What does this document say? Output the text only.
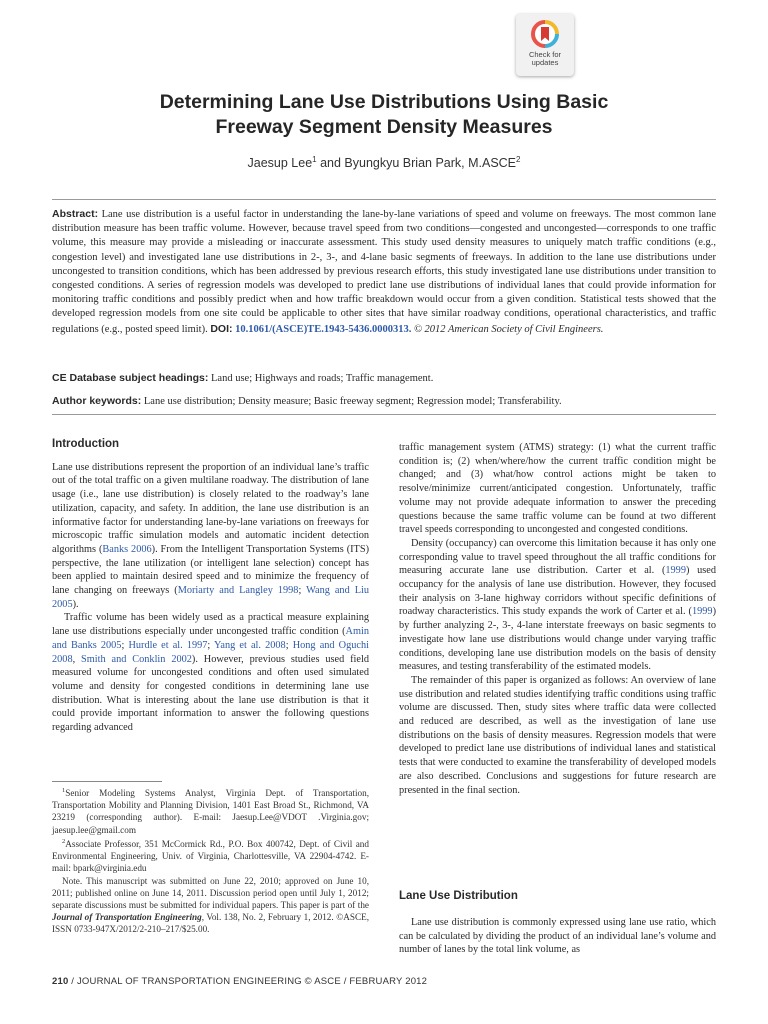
Check for
updates
Determining Lane Use Distributions Using Basic
Freeway Segment Density Measures
Jaesup Lee$^1$ and Byungkyu Brian Park, M.ASCE$^2$
Abstract: Lane use distribution is a useful factor in understanding the lane-by-lane variations of speed and volume on freeways. The most common lane distribution measure has been traffic volume. However, because travel speed from two conditions—congested and uncongested—corresponds to one traffic volume, this measure may provide a misleading or inaccurate assessment. This study used density measures to uniquely match traffic conditions (e.g., congestion level) and investigated lane use distributions in 2-, 3-, and 4-lane basic segments of freeways. In addition to the lane use distributions under uncongested to transition conditions, which has been addressed by previous research efforts, this study investigated lane use distributions under transition to congested conditions. A series of regression models was developed to predict lane use distributions of individual lanes that could provide information for monitoring traffic conditions and possibly predict when and how traffic breakdown would occur from a given condition. Statistical tests showed that the developed regression models from one site could be applicable to other sites that have similar roadway conditions, operational characteristics, and traffic regulations (e.g., posted speed limit). DOI: 10.1061/(ASCE)TE.1943-5436.0000313. © 2012 American Society of Civil Engineers.
CE Database subject headings: Land use; Highways and roads; Traffic management.
Author keywords: Lane use distribution; Density measure; Basic freeway segment; Regression model; Transferability.
Introduction

Lane use distributions represent the proportion of an individual lane’s traffic out of the total traffic on a given multilane roadway. The distribution of lane usage (i.e., lane use distribution) is closely related to the roadway’s lane utilization, capacity, and safety. In addition, the lane use distribution is an informative factor for understanding lane-by-lane variations on freeways for microscopic traffic simulation models and automatic incident detection algorithms (Banks 2006). From the Intelligent Transportation Systems (ITS) perspective, the lane utilization (or intelligent lane selection) concept has been applied to maintain desired speed and to minimize the frequency of lane changing on freeways (Moriarty and Langley 1998; Wang and Liu 2005).

Traffic volume has been widely used as a practical measure explaining lane use distributions especially under uncongested traffic condition (Amin and Banks 2005; Hurdle et al. 1997; Yang et al. 2008; Hong and Oguchi 2008, Smith and Conklin 2002). However, previous studies used field measured volume for uncongested conditions and often used simulated volume and density for congested conditions in determining lane use distribution. What is interesting about the lane use distribution is that it could provide important information to answer the following questions regarding advanced

$^1$Senior Modeling Systems Analyst, Virginia Dept. of Transportation, Transportation Mobility and Planning Division, 1401 East Broad St., Richmond, VA 23219 (corresponding author). E-mail: Jaesup.Lee@VDOT .Virginia.gov; jaesup.lee@gmail.com

$^2$Associate Professor, 351 McCormick Rd., P.O. Box 400742, Dept. of Civil and Environmental Engineering, Univ. of Virginia, Charlottesville, VA 22904-4742. E-mail: bpark@virginia.edu

Note. This manuscript was submitted on June 22, 2010; approved on June 10, 2011; published online on June 14, 2011. Discussion period open until July 1, 2012; separate discussions must be submitted for individual papers. This paper is part of the Journal of Transportation Engineering, Vol. 138, No. 2, February 1, 2012. ©ASCE, ISSN 0733-947X/2012/2-210–217/$25.00.

traffic management system (ATMS) strategy: (1) what the current traffic condition is; (2) when/where/how the current traffic condition might be changed; and (3) what/how control actions might be taken to resolve/minimize current/anticipated congestion. Unfortunately, traffic volume may not provide adequate information to answer the preceding questions because the same traffic volume can be found at two different travel speeds corresponding to uncongested and congested conditions.

Density (occupancy) can overcome this limitation because it has only one corresponding value to travel speed throughout the all traffic conditions for measuring accurate lane use distribution. Carter et al. (1999) used occupancy for the analysis of lane use distribution. However, they focused their analysis on 3-lane highway corridors without specific definitions of roadway characteristics. This study expands the work of Carter et al. (1999) by further analyzing 2-, 3-, 4-lane interstate freeways on basic segments to investigate how lane use distributions would change under varying traffic conditions, developing lane use distribution models on the basis of density measures, and testing transferability of the estimated models.

The remainder of this paper is organized as follows: An overview of lane use distribution and related studies identifying traffic conditions using traffic volume are discussed. Then, study sites where traffic data were collected and reduced are described, as well as the investigation of lane use distributions on the basis of density measures. Regression models that were developed to predict lane use distributions of individual lanes and statistical tests that were conducted to examine the transferability of developed models are also described. Conclusions and suggestions for future research are presented in the final section.

Lane Use Distribution

Lane use distribution is commonly expressed using lane use ratio, which can be calculated by dividing the product of an individual lane’s volume and number of lanes by the total link volume, as

210 / JOURNAL OF TRANSPORTATION ENGINEERING © ASCE / FEBRUARY 2012
